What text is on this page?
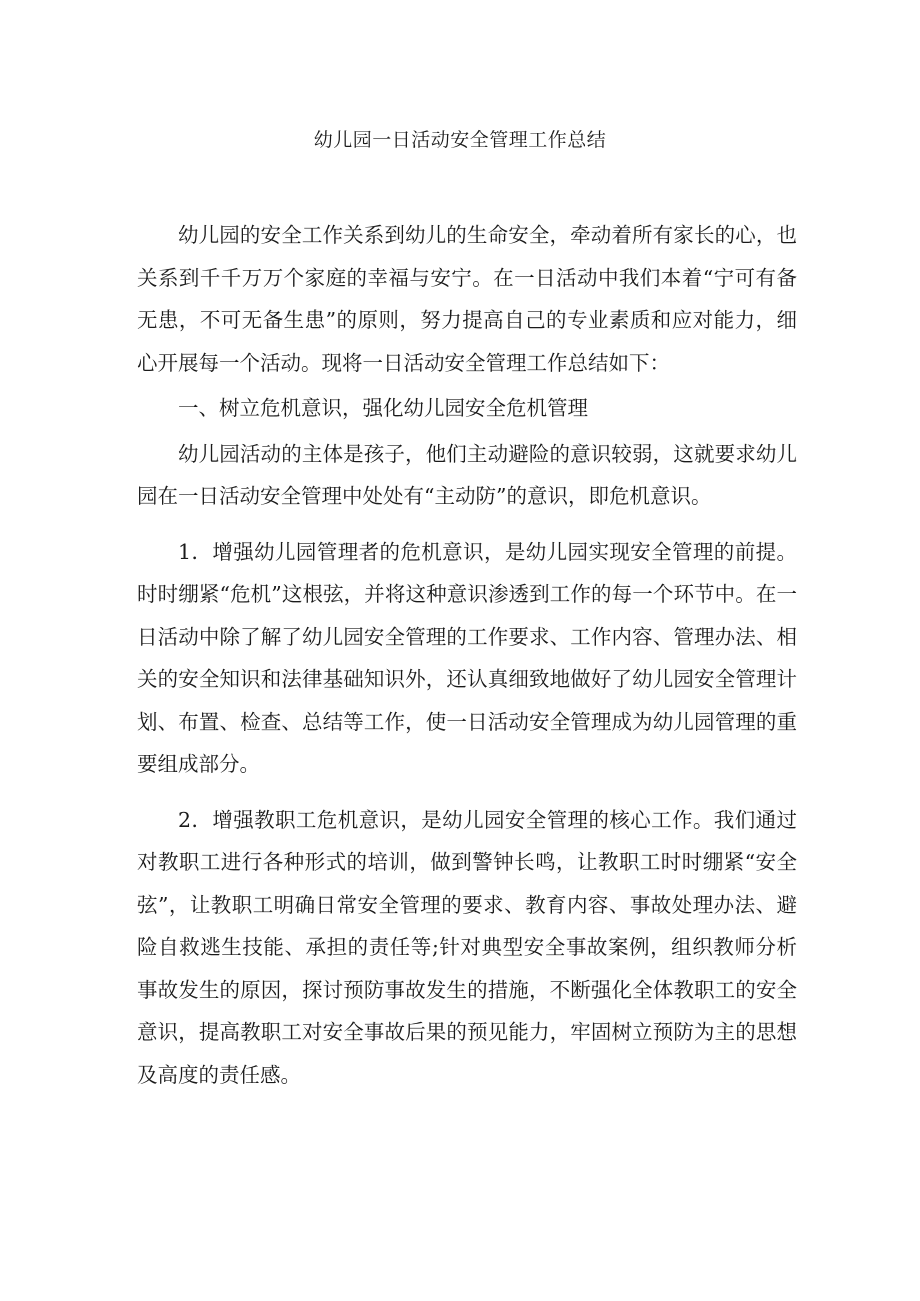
幼儿园一日活动安全管理工作总结

幼儿园的安全工作关系到幼儿的生命安全，牵动着所有家长的心，也关系到千千万万个家庭的幸福与安宁。在一日活动中我们本着“宁可有备无患，不可无备生患”的原则，努力提高自己的专业素质和应对能力，细心开展每一个活动。现将一日活动安全管理工作总结如下：

一、树立危机意识，强化幼儿园安全危机管理

幼儿园活动的主体是孩子，他们主动避险的意识较弱，这就要求幼儿园在一日活动安全管理中处处有“主动防”的意识，即危机意识。

1．增强幼儿园管理者的危机意识，是幼儿园实现安全管理的前提。时时绷紧“危机”这根弦，并将这种意识渗透到工作的每一个环节中。在一日活动中除了解了幼儿园安全管理的工作要求、工作内容、管理办法、相关的安全知识和法律基础知识外，还认真细致地做好了幼儿园安全管理计划、布置、检查、总结等工作，使一日活动安全管理成为幼儿园管理的重要组成部分。

2．增强教职工危机意识，是幼儿园安全管理的核心工作。我们通过对教职工进行各种形式的培训，做到警钟长鸣，让教职工时时绷紧“安全弦”，让教职工明确日常安全管理的要求、教育内容、事故处理办法、避险自救逃生技能、承担的责任等;针对典型安全事故案例，组织教师分析事故发生的原因，探讨预防事故发生的措施，不断强化全体教职工的安全意识，提高教职工对安全事故后果的预见能力，牢固树立预防为主的思想及高度的责任感。
